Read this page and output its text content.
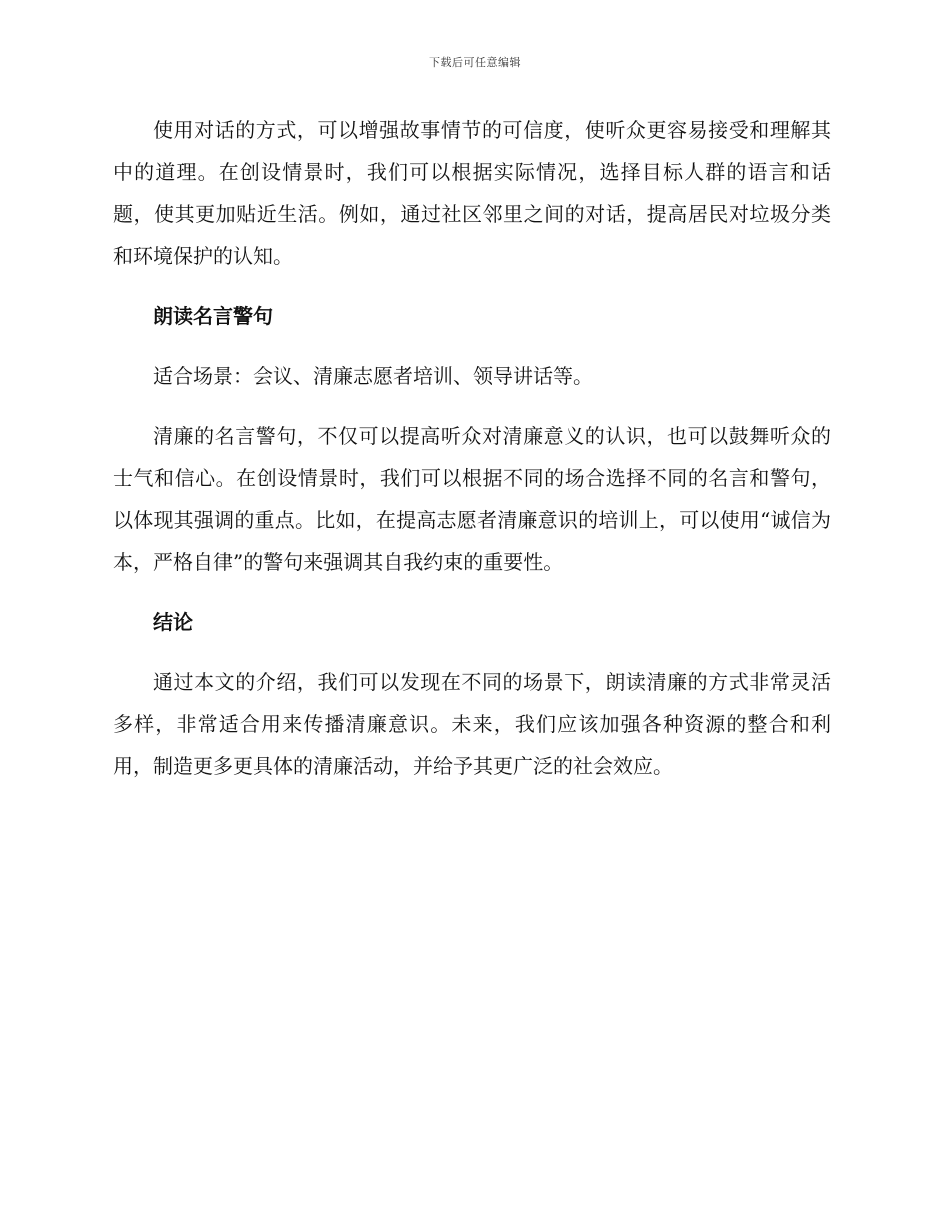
下载后可任意编辑

使用对话的方式，可以增强故事情节的可信度，使听众更容易接受和理解其中的道理。在创设情景时，我们可以根据实际情况，选择目标人群的语言和话题，使其更加贴近生活。例如，通过社区邻里之间的对话，提高居民对垃圾分类和环境保护的认知。

朗读名言警句

适合场景：会议、清廉志愿者培训、领导讲话等。

清廉的名言警句，不仅可以提高听众对清廉意义的认识，也可以鼓舞听众的士气和信心。在创设情景时，我们可以根据不同的场合选择不同的名言和警句，以体现其强调的重点。比如，在提高志愿者清廉意识的培训上，可以使用“诚信为本，严格自律”的警句来强调其自我约束的重要性。

结论

通过本文的介绍，我们可以发现在不同的场景下，朗读清廉的方式非常灵活多样，非常适合用来传播清廉意识。未来，我们应该加强各种资源的整合和利用，制造更多更具体的清廉活动，并给予其更广泛的社会效应。
